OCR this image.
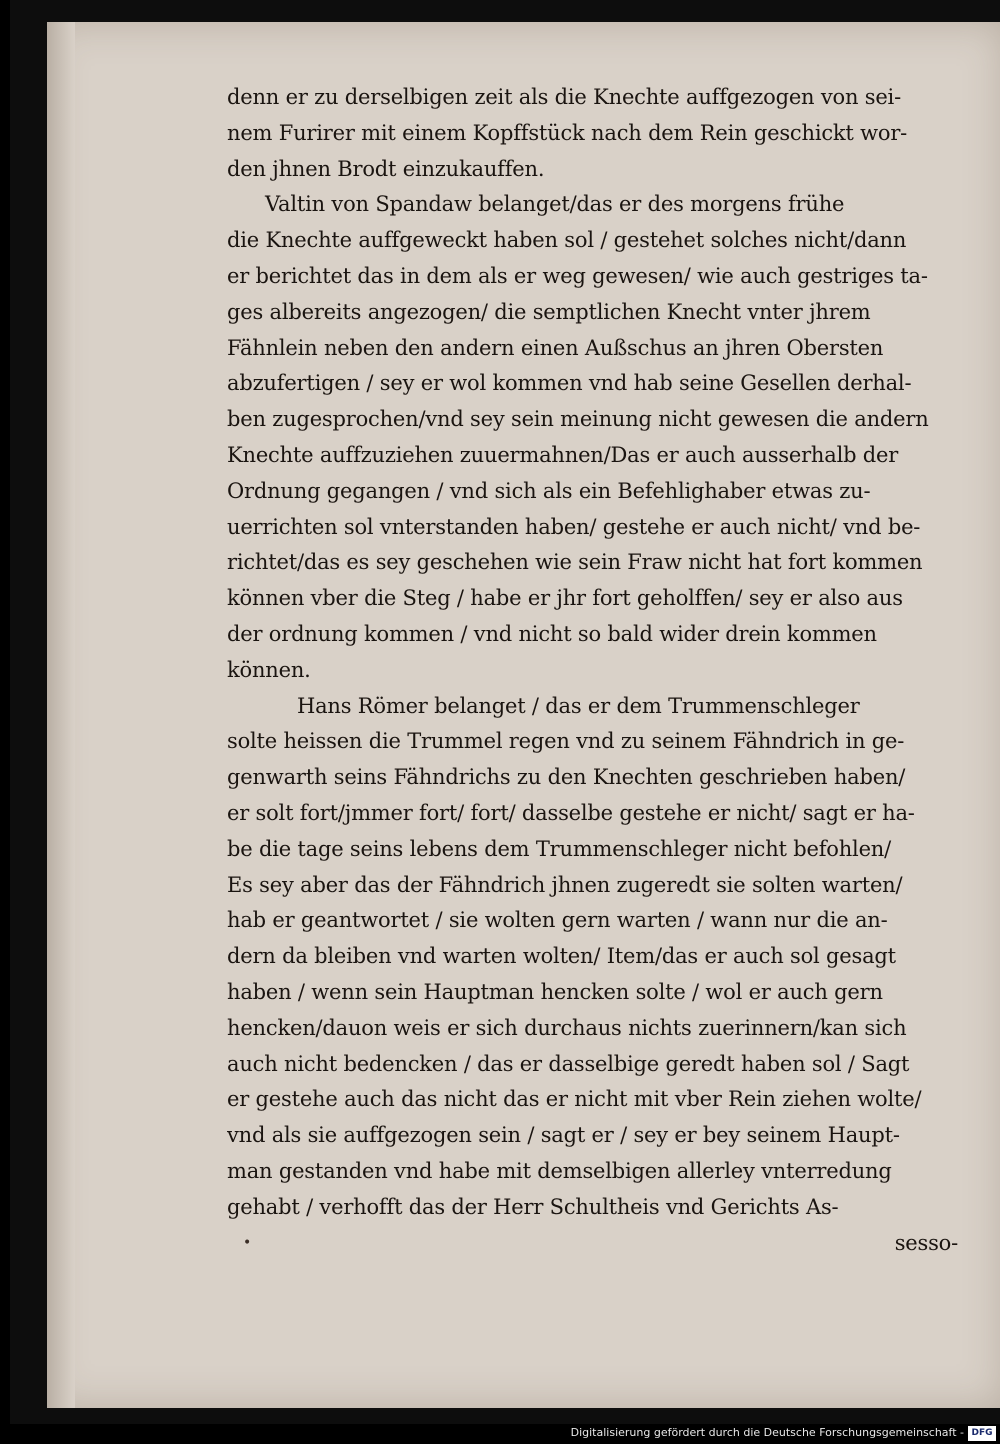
denn er zu derselbigen zeit als die Knechte auffgezogen von sei-
nem Furirer mit einem Kopffstück nach dem Rein geschickt wor-
den jhnen Brodt einzukauffen.
Valtin von Spandaw belanget/das er des morgens frühe
die Knechte auffgeweckt haben sol / gestehet solches nicht/dann
er berichtet das in dem als er weg gewesen/ wie auch gestriges ta-
ges albereits angezogen/ die semptlichen Knecht vnter jhrem
Fähnlein neben den andern einen Außschus an jhren Obersten
abzufertigen / sey er wol kommen vnd hab seine Gesellen derhal-
ben zugesprochen/vnd sey sein meinung nicht gewesen die andern
Knechte auffzuziehen zuuermahnen/Das er auch ausserhalb der
Ordnung gegangen / vnd sich als ein Befehlighaber etwas zu-
uerrichten sol vnterstanden haben/ gestehe er auch nicht/ vnd be-
richtet/das es sey geschehen wie sein Fraw nicht hat fort kommen
können vber die Steg / habe er jhr fort geholffen/ sey er also aus
der ordnung kommen / vnd nicht so bald wider drein kommen
können.
Hans Römer belanget / das er dem Trummenschleger
solte heissen die Trummel regen vnd zu seinem Fähndrich in ge-
genwarth seins Fähndrichs zu den Knechten geschrieben haben/
er solt fort/jmmer fort/ fort/ dasselbe gestehe er nicht/ sagt er ha-
be die tage seins lebens dem Trummenschleger nicht befohlen/
Es sey aber das der Fähndrich jhnen zugeredt sie solten warten/
hab er geantwortet / sie wolten gern warten / wann nur die an-
dern da bleiben vnd warten wolten/ Item/das er auch sol gesagt
haben / wenn sein Hauptman hencken solte / wol er auch gern
hencken/dauon weis er sich durchaus nichts zuerinnern/kan sich
auch nicht bedencken / das er dasselbige geredt haben sol / Sagt
er gestehe auch das nicht das er nicht mit vber Rein ziehen wolte/
vnd als sie auffgezogen sein / sagt er / sey er bey seinem Haupt-
man gestanden vnd habe mit demselbigen allerley vnterredung
gehabt / verhofft das der Herr Schultheis vnd Gerichts As-
sesso-
•
Digitalisierung gefördert durch die Deutsche Forschungsgemeinschaft - DFG
